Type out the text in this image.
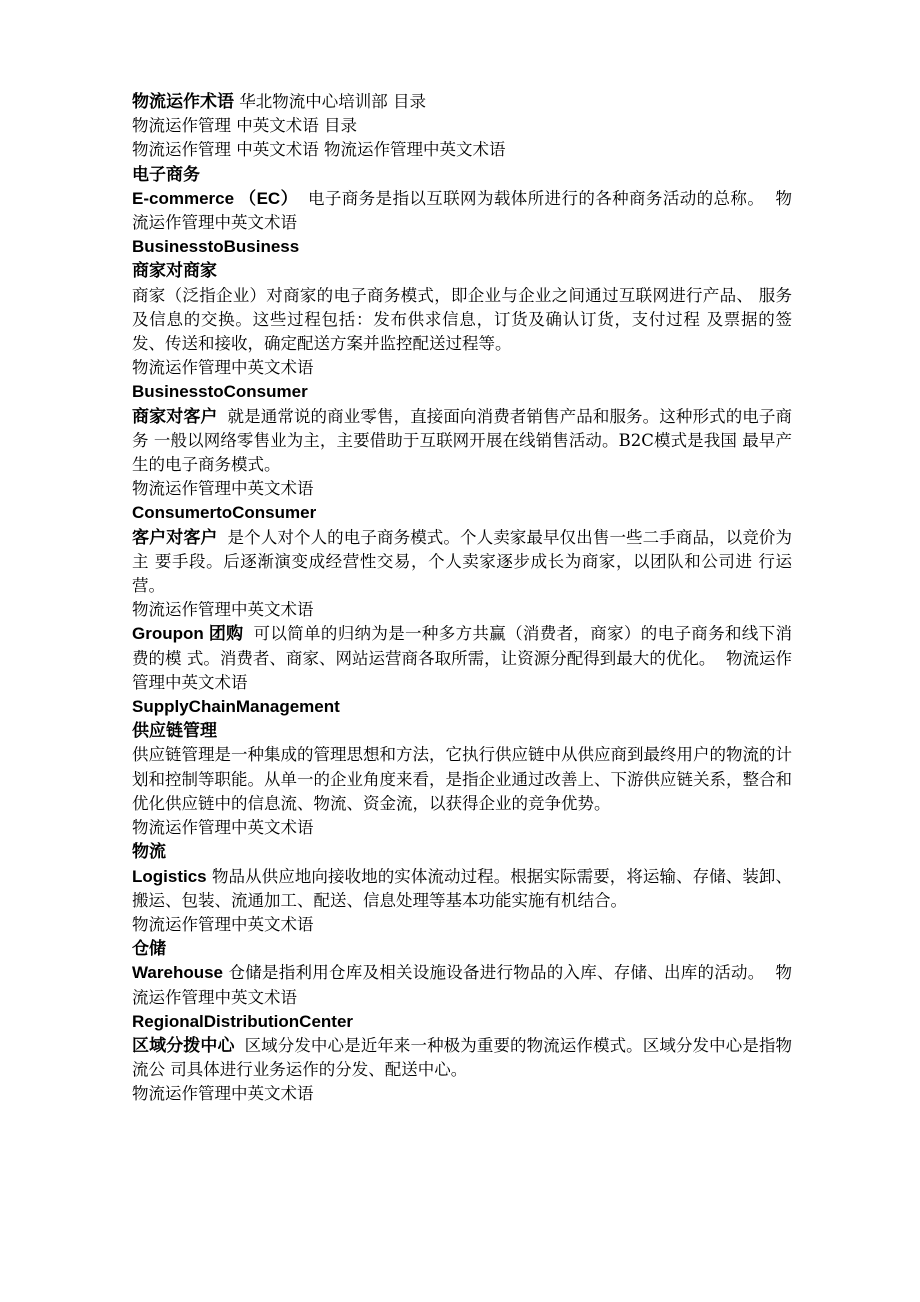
物流运作术语 华北物流中心培训部 目录
物流运作管理 中英文术语 目录
物流运作管理 中英文术语 物流运作管理中英文术语
电子商务
E-commerce （EC） 电子商务是指以互联网为载体所进行的各种商务活动的总称。 物流运作管理中英文术语
BusinesstoBusiness
商家对商家
商家（泛指企业）对商家的电子商务模式，即企业与企业之间通过互联网进行产品、 服务及信息的交换。这些过程包括：发布供求信息，订货及确认订货，支付过程 及票据的签发、传送和接收，确定配送方案并监控配送过程等。
物流运作管理中英文术语
BusinesstoConsumer
商家对客户 就是通常说的商业零售，直接面向消费者销售产品和服务。这种形式的电子商务 一般以网络零售业为主，主要借助于互联网开展在线销售活动。B2C模式是我国 最早产生的电子商务模式。
物流运作管理中英文术语
ConsumertoConsumer
客户对客户 是个人对个人的电子商务模式。个人卖家最早仅出售一些二手商品，以竞价为主 要手段。后逐渐演变成经营性交易，个人卖家逐步成长为商家，以团队和公司进 行运营。
物流运作管理中英文术语
Groupon 团购 可以简单的归纳为是一种多方共赢（消费者，商家）的电子商务和线下消费的模 式。消费者、商家、网站运营商各取所需，让资源分配得到最大的优化。 物流运作管理中英文术语
SupplyChainManagement
供应链管理
供应链管理是一种集成的管理思想和方法，它执行供应链中从供应商到最终用户的物流的计划和控制等职能。从单一的企业角度来看，是指企业通过改善上、下游供应链关系，整合和优化供应链中的信息流、物流、资金流，以获得企业的竞争优势。
物流运作管理中英文术语
物流
Logistics 物品从供应地向接收地的实体流动过程。根据实际需要，将运输、存储、装卸、 搬运、包装、流通加工、配送、信息处理等基本功能实施有机结合。
物流运作管理中英文术语
仓储
Warehouse 仓储是指利用仓库及相关设施设备进行物品的入库、存储、出库的活动。 物流运作管理中英文术语
RegionalDistributionCenter
区域分拨中心 区域分发中心是近年来一种极为重要的物流运作模式。区域分发中心是指物流公 司具体进行业务运作的分发、配送中心。
物流运作管理中英文术语
